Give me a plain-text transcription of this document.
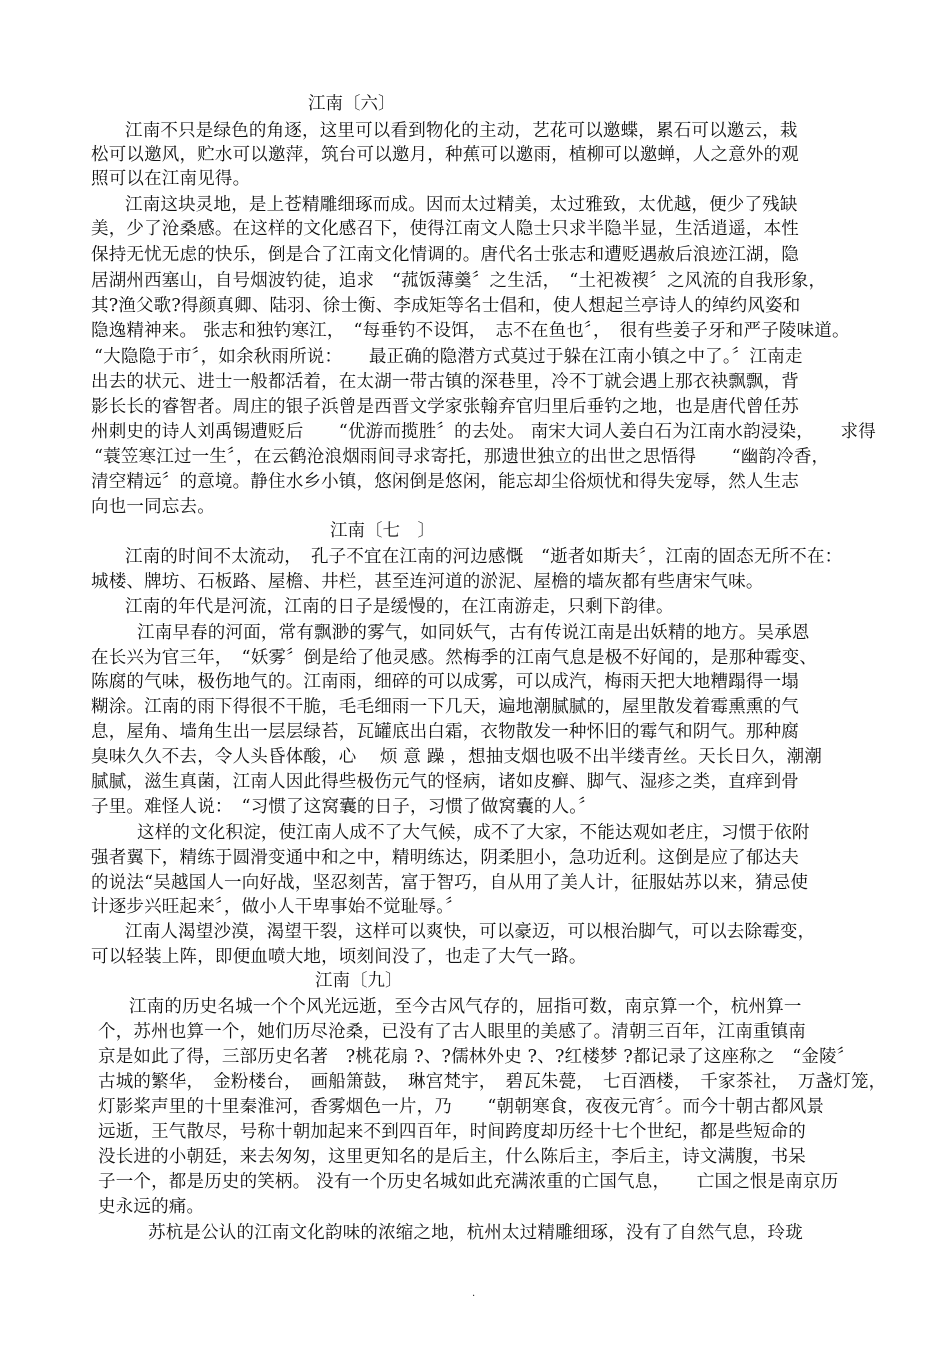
江南〔六〕
江南不只是绿色的角逐，这里可以看到物化的主动，艺花可以邀蝶，累石可以邀云，栽
松可以邀风，贮水可以邀萍，筑台可以邀月，种蕉可以邀雨，植柳可以邀蝉，人之意外的观
照可以在江南见得。
江南这块灵地，是上苍精雕细琢而成。因而太过精美，太过雅致，太优越，便少了残缺
美，少了沧桑感。在这样的文化感召下，使得江南文人隐士只求半隐半显，生活逍遥，本性
保持无忧无虑的快乐，倒是合了江南文化情调的。唐代名士张志和遭贬遇赦后浪迹江湖，隐
居湖州西塞山，自号烟波钓徒，追求　“菰饭薄羹〞之生活，　“土祀袯褉〞之风流的自我形象，
其?渔父歌?得颜真卿、陆羽、徐士衡、李成矩等名士倡和，使人想起兰亭诗人的绰约风姿和
隐逸精神来。 张志和独钓寒江，　“每垂钓不设饵，　志不在鱼也〞，　很有些姜子牙和严子陵味道。
“大隐隐于市〞，如余秋雨所说：　　最正确的隐潜方式莫过于躲在江南小镇之中了。〞江南走
出去的状元、进士一般都活着，在太湖一带古镇的深巷里，冷不丁就会遇上那衣袂飘飘，背
影长长的睿智者。周庄的银子浜曾是西晋文学家张翰弃官归里后垂钓之地，也是唐代曾任苏
州刺史的诗人刘禹锡遭贬后　　“优游而揽胜〞的去处。 南宋大词人姜白石为江南水韵浸染，　　求得
“蓑笠寒江过一生〞，在云鹤沧浪烟雨间寻求寄托，那遗世独立的出世之思悟得　　“幽韵冷香，
清空精远〞的意境。静住水乡小镇，悠闲倒是悠闲，能忘却尘俗烦忧和得失宠辱，然人生志
向也一同忘去。
江南〔七　〕
江南的时间不太流动，　孔子不宜在江南的河边感慨　“逝者如斯夫〞，江南的固态无所不在：
城楼、牌坊、石板路、屋檐、井栏，甚至连河道的淤泥、屋檐的墙灰都有些唐宋气味。
江南的年代是河流，江南的日子是缓慢的，在江南游走，只剩下韵律。
江南早春的河面，常有飘渺的雾气，如同妖气，古有传说江南是出妖精的地方。吴承恩
在长兴为官三年，　“妖雾〞倒是给了他灵感。然梅季的江南气息是极不好闻的，是那种霉变、
陈腐的气味，极伤地气的。江南雨，细碎的可以成雾，可以成汽，梅雨天把大地糟蹋得一塌
糊涂。江南的雨下得很不干脆，毛毛细雨一下几天，遍地潮腻腻的，屋里散发着霉熏熏的气
息，屋角、墙角生出一层层绿苔，瓦罐底出白霜，衣物散发一种怀旧的霉气和阴气。那种腐
臭味久久不去，令人头昏体酸，心　 烦 意 躁 ，想抽支烟也吸不出半缕青丝。天长日久，潮潮
腻腻，滋生真菌，江南人因此得些极伤元气的怪病，诸如皮癣、脚气、湿疹之类，直痒到骨
子里。难怪人说：　“习惯了这窝囊的日子，习惯了做窝囊的人。〞
这样的文化积淀，使江南人成不了大气候，成不了大家，不能达观如老庄，习惯于依附
强者翼下，精练于圆滑变通中和之中，精明练达，阴柔胆小，急功近利。这倒是应了郁达夫
的说法“吴越国人一向好战，坚忍刻苦，富于智巧，自从用了美人计，征服姑苏以来，猜忌使
计逐步兴旺起来〞，做小人干卑事始不觉耻辱。〞
江南人渴望沙漠，渴望干裂，这样可以爽快，可以豪迈，可以根治脚气，可以去除霉变，
可以轻装上阵，即便血喷大地，顷刻间没了，也走了大气一路。
江南〔九〕
江南的历史名城一个个风光远逝，至今古风气存的，屈指可数，南京算一个，杭州算一
个，苏州也算一个，她们历尽沧桑，已没有了古人眼里的美感了。清朝三百年，江南重镇南
京是如此了得，三部历史名著　?桃花扇 ?、?儒林外史 ?、?红楼梦 ?都记录了这座称之　“金陵〞
古城的繁华，　金粉楼台，　画船箫鼓，　琳宫梵宇，　碧瓦朱甍，　七百酒楼，　千家茶社，　万盏灯笼，
灯影桨声里的十里秦淮河，香雾烟色一片，乃　　“朝朝寒食，夜夜元宵〞。而今十朝古都风景
远逝，王气散尽，号称十朝加起来不到四百年，时间跨度却历经十七个世纪，都是些短命的
没长进的小朝廷，来去匆匆，这里更知名的是后主，什么陈后主，李后主，诗文满腹，书呆
子一个，都是历史的笑柄。 没有一个历史名城如此充满浓重的亡国气息，　　亡国之恨是南京历
史永远的痛。
苏杭是公认的江南文化韵味的浓缩之地，杭州太过精雕细琢，没有了自然气息，玲珑
.
